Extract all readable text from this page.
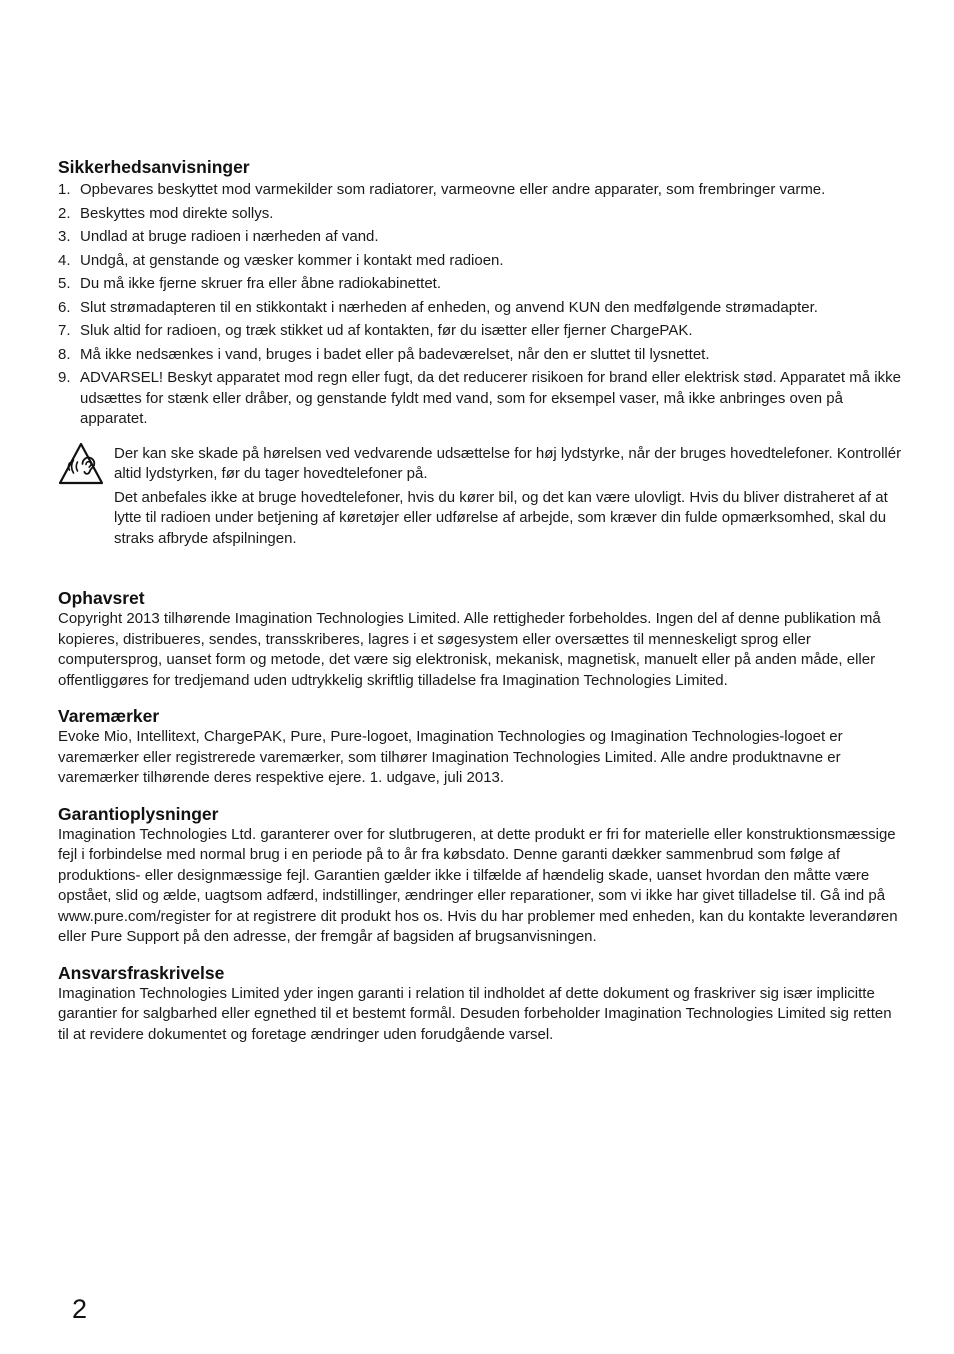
Sikkerhedsanvisninger
1. Opbevares beskyttet mod varmekilder som radiatorer, varmeovne eller andre apparater, som frembringer varme.
2. Beskyttes mod direkte sollys.
3. Undlad at bruge radioen i nærheden af vand.
4. Undgå, at genstande og væsker kommer i kontakt med radioen.
5. Du må ikke fjerne skruer fra eller åbne radiokabinettet.
6. Slut strømadapteren til en stikkontakt i nærheden af enheden, og anvend KUN den medfølgende strømadapter.
7. Sluk altid for radioen, og træk stikket ud af kontakten, før du isætter eller fjerner ChargePAK.
8. Må ikke nedsænkes i vand, bruges i badet eller på badeværelset, når den er sluttet til lysnettet.
9. ADVARSEL! Beskyt apparatet mod regn eller fugt, da det reducerer risikoen for brand eller elektrisk stød. Apparatet må ikke udsættes for stænk eller dråber, og genstande fyldt med vand, som for eksempel vaser, må ikke anbringes oven på apparatet.

Der kan ske skade på hørelsen ved vedvarende udsættelse for høj lydstyrke, når der bruges hovedtelefoner. Kontrollér altid lydstyrken, før du tager hovedtelefoner på.

Det anbefales ikke at bruge hovedtelefoner, hvis du kører bil, og det kan være ulovligt. Hvis du bliver distraheret af at lytte til radioen under betjening af køretøjer eller udførelse af arbejde, som kræver din fulde opmærksomhed, skal du straks afbryde afspilningen.

Ophavsret

Copyright 2013 tilhørende Imagination Technologies Limited. Alle rettigheder forbeholdes. Ingen del af denne publikation må kopieres, distribueres, sendes, transskriberes, lagres i et søgesystem eller oversættes til menneskeligt sprog eller computersprog, uanset form og metode, det være sig elektronisk, mekanisk, magnetisk, manuelt eller på anden måde, eller offentliggøres for tredjemand uden udtrykkelig skriftlig tilladelse fra Imagination Technologies Limited.

Varemærker

Evoke Mio, Intellitext, ChargePAK, Pure, Pure-logoet, Imagination Technologies og Imagination Technologies-logoet er varemærker eller registrerede varemærker, som tilhører Imagination Technologies Limited. Alle andre produktnavne er varemærker tilhørende deres respektive ejere. 1. udgave, juli 2013.

Garantioplysninger

Imagination Technologies Ltd. garanterer over for slutbrugeren, at dette produkt er fri for materielle eller konstruktionsmæssige fejl i forbindelse med normal brug i en periode på to år fra købsdato. Denne garanti dækker sammenbrud som følge af produktions- eller designmæssige fejl. Garantien gælder ikke i tilfælde af hændelig skade, uanset hvordan den måtte være opstået, slid og ælde, uagtsom adfærd, indstillinger, ændringer eller reparationer, som vi ikke har givet tilladelse til. Gå ind på www.pure.com/register for at registrere dit produkt hos os. Hvis du har problemer med enheden, kan du kontakte leverandøren eller Pure Support på den adresse, der fremgår af bagsiden af brugsanvisningen.

Ansvarsfraskrivelse

Imagination Technologies Limited yder ingen garanti i relation til indholdet af dette dokument og fraskriver sig især implicitte garantier for salgbarhed eller egnethed til et bestemt formål. Desuden forbeholder Imagination Technologies Limited sig retten til at revidere dokumentet og foretage ændringer uden forudgående varsel.

2
